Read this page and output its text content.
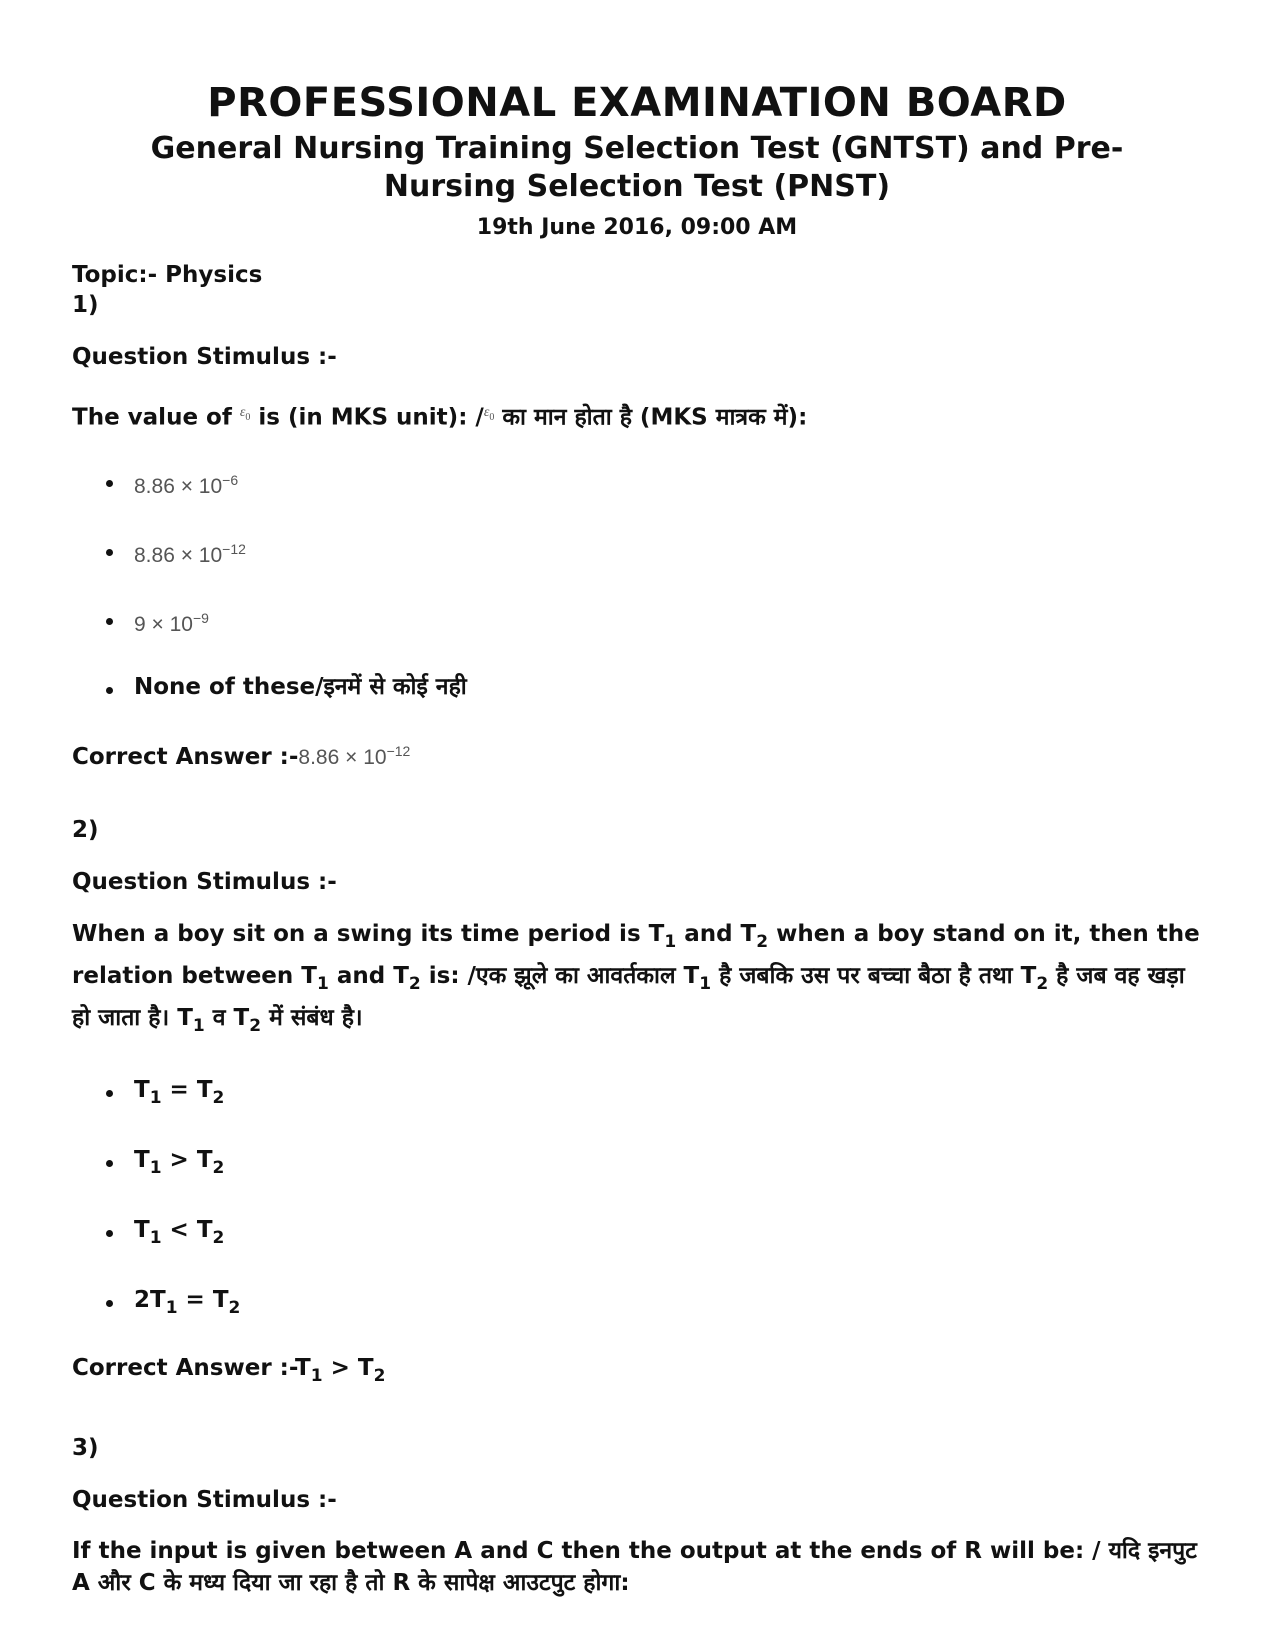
PROFESSIONAL EXAMINATION BOARD

General Nursing Training Selection Test (GNTST) and Pre-

Nursing Selection Test (PNST)

19th June 2016, 09:00 AM

Topic:- Physics

1)

Question Stimulus :-

The value of $^{\varepsilon_0}$ is (in MKS unit): /$^{\varepsilon_0}$ का मान होता है (MKS मात्रक में):

$8.86 \times 10^{-6}$
$8.86 \times 10^{-12}$
$9 \times 10^{-9}$
None of these/इनमें से कोई नही

Correct Answer :-8.86 × $10^{-12}$

2)

Question Stimulus :-

When a boy sit on a swing its time period is $T_1$ and $T_2$ when a boy stand on it, then the relation between $T_1$ and $T_2$ is: /एक झूले का आवर्तकाल $T_1$ है जबकि उस पर बच्चा बैठा है तथा $T_2$ है जब वह खड़ा हो जाता है। $T_1$ व $T_2$ में संबंध है।

$T_1 = T_2$
$T_1 > T_2$
$T_1 < T_2$
$2T_1 = T_2$

Correct Answer $:-T_1 > T_2$

3)

Question Stimulus :-

If the input is given between A and C then the output at the ends of R will be: / यदि इनपुट A और C के मध्य दिया जा रहा है तो R के सापेक्ष आउटपुट होगा:
